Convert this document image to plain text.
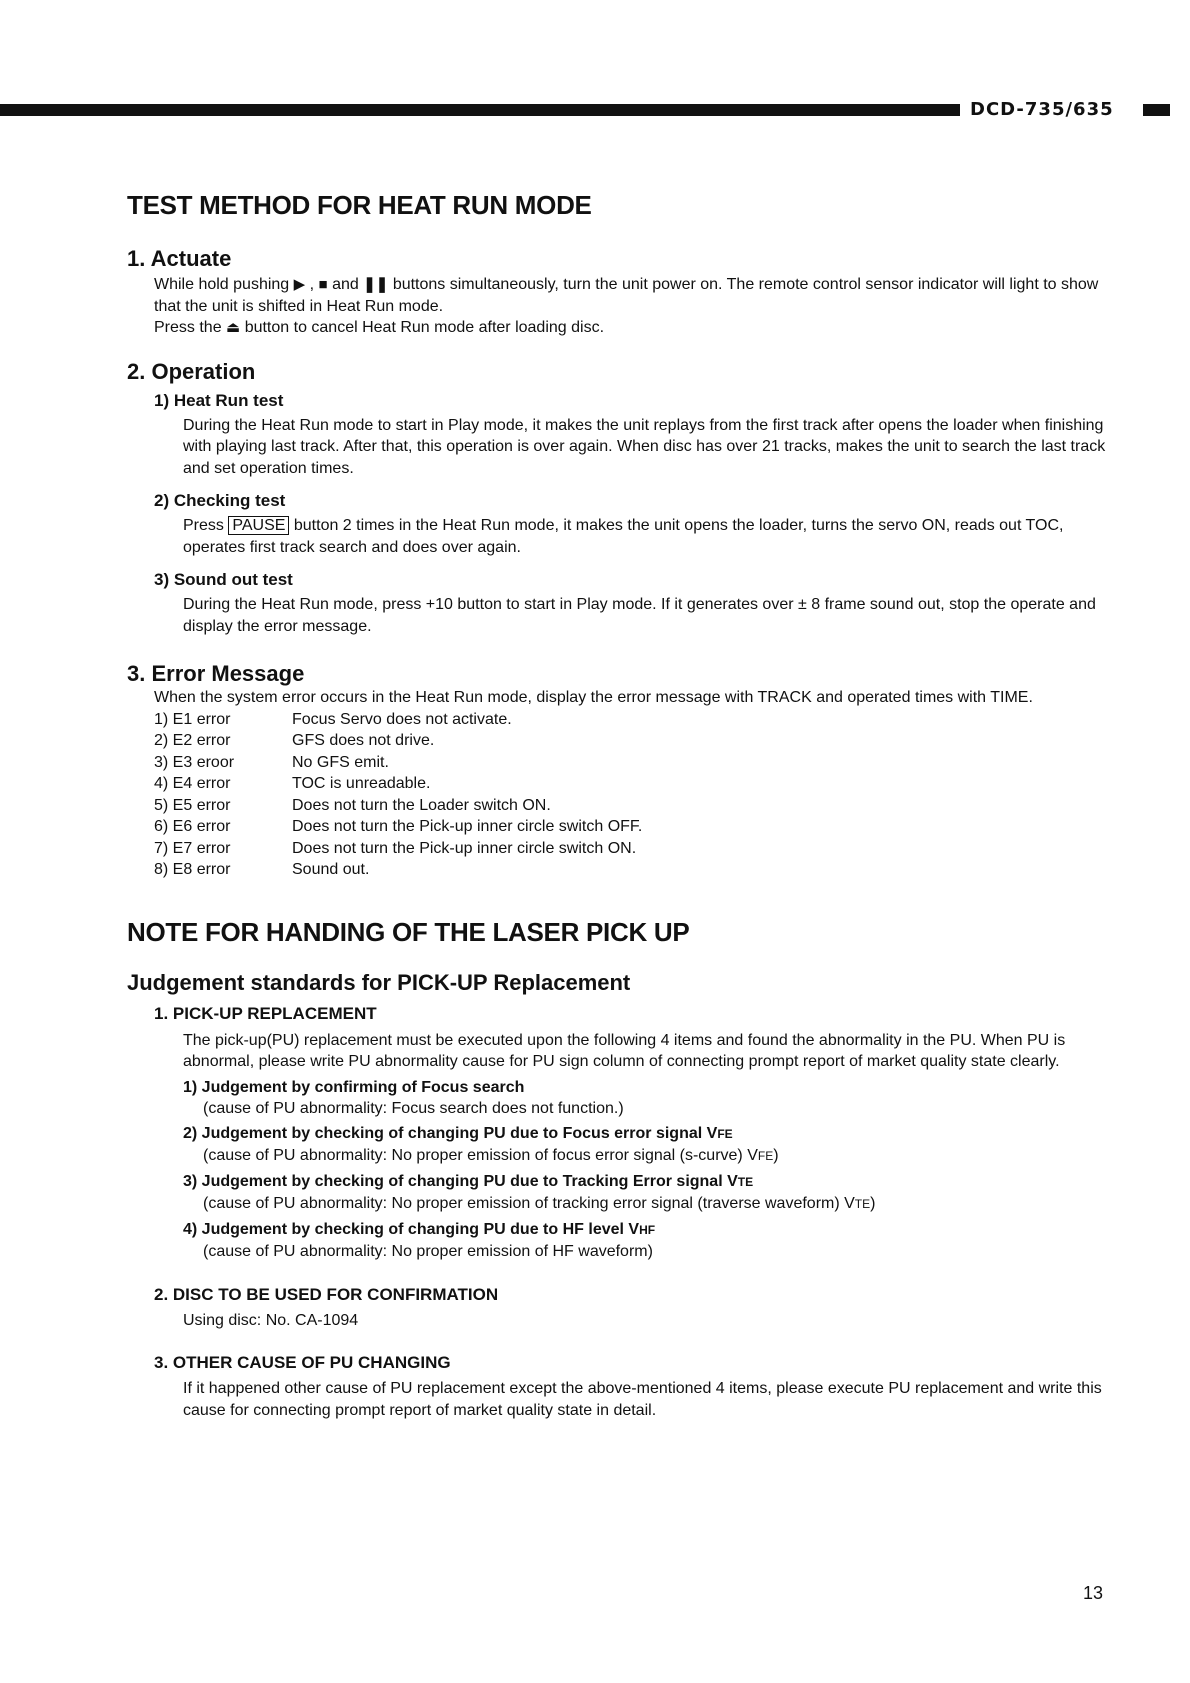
DCD-735/635
TEST METHOD FOR HEAT RUN MODE
1. Actuate

While hold pushing ▶ , ■ and ❚❚ buttons simultaneously, turn the unit power on. The remote control sensor indicator will light to show that the unit is shifted in Heat Run mode.

Press the ⏏ button to cancel Heat Run mode after loading disc.

2. Operation
1) Heat Run test

During the Heat Run mode to start in Play mode, it makes the unit replays from the first track after opens the loader when finishing with playing last track. After that, this operation is over again. When disc has over 21 tracks, makes the unit to search the last track and set operation times.

2) Checking test

Press PAUSE button 2 times in the Heat Run mode, it makes the unit opens the loader, turns the servo ON, reads out TOC, operates first track search and does over again.

3) Sound out test

During the Heat Run mode, press +10 button to start in Play mode. If it generates over ± 8 frame sound out, stop the operate and display the error message.

3. Error Message

When the system error occurs in the Heat Run mode, display the error message with TRACK and operated times with TIME.

1) E1 error	Focus Servo does not activate.
2) E2 error	GFS does not drive.
3) E3 eroor	No GFS emit.
4) E4 error	TOC is unreadable.
5) E5 error	Does not turn the Loader switch ON.
6) E6 error	Does not turn the Pick-up inner circle switch OFF.
7) E7 error	Does not turn the Pick-up inner circle switch ON.
8) E8 error	Sound out.
NOTE FOR HANDING OF THE LASER PICK UP
Judgement standards for PICK-UP Replacement
1. PICK-UP REPLACEMENT

The pick-up(PU) replacement must be executed upon the following 4 items and found the abnormality in the PU. When PU is abnormal, please write PU abnormality cause for PU sign column of connecting prompt report of market quality state clearly.

1) Judgement by confirming of Focus search

(cause of PU abnormality: Focus search does not function.)

2) Judgement by checking of changing PU due to Focus error signal VFE

(cause of PU abnormality: No proper emission of focus error signal (s-curve) VFE)

3) Judgement by checking of changing PU due to Tracking Error signal VTE

(cause of PU abnormality: No proper emission of tracking error signal (traverse waveform) VTE)

4) Judgement by checking of changing PU due to HF level VHF

(cause of PU abnormality: No proper emission of HF waveform)

2. DISC TO BE USED FOR CONFIRMATION

Using disc: No. CA-1094

3. OTHER CAUSE OF PU CHANGING

If it happened other cause of PU replacement except the above-mentioned 4 items, please execute PU replacement and write this cause for connecting prompt report of market quality state in detail.

13
